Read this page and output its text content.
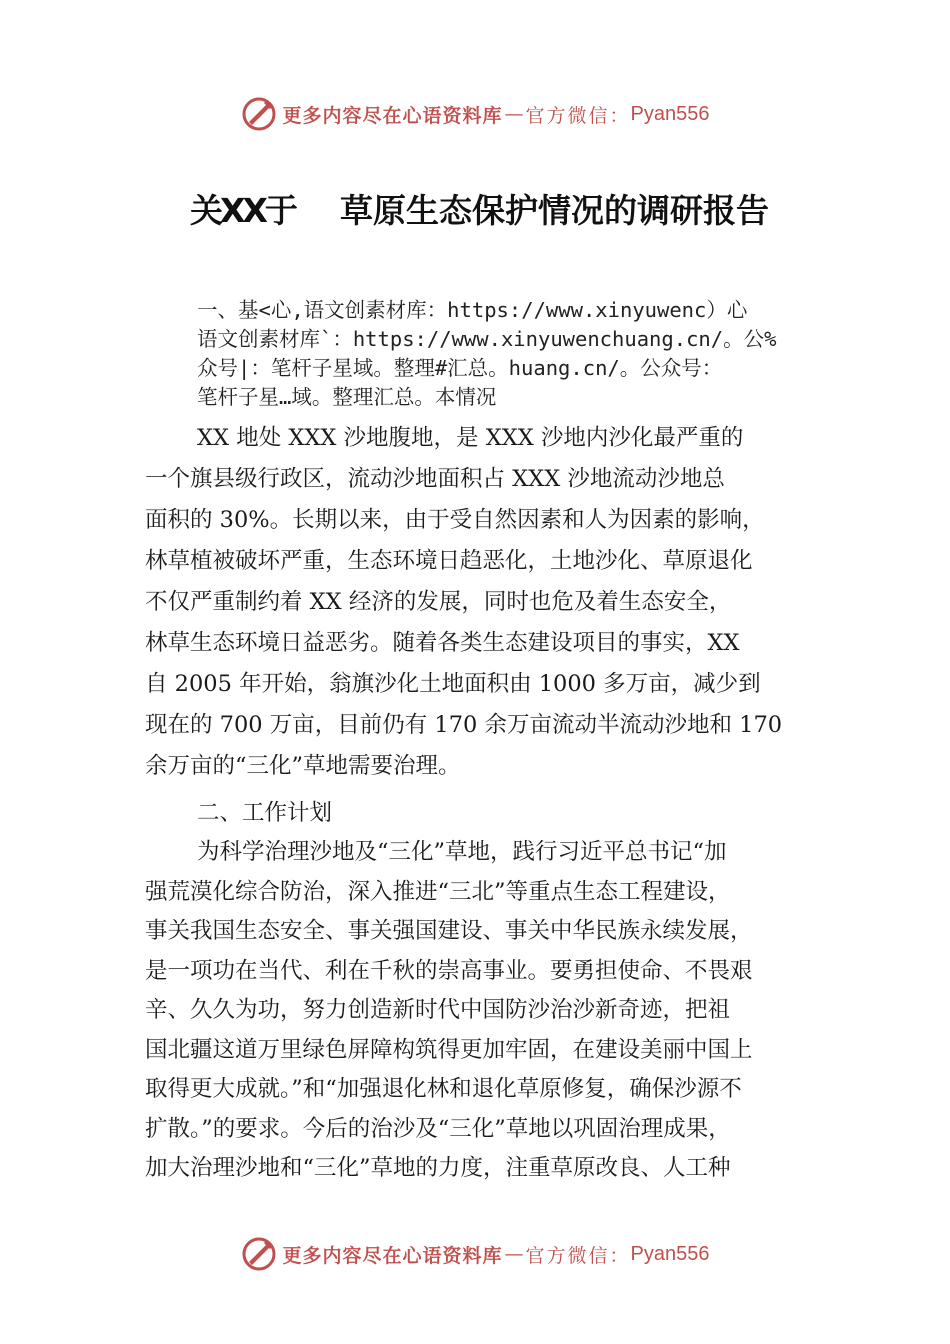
更多内容尽在心语资料库 — 官方微信： Pyan556
关XX于 草原生态保护情况的调研报告
一、基<心,语文创素材库：https://www.xinyuwenc）心
语文创素材库`：https://www.xinyuwenchuang.cn/。公%
众号|：笔杆子星域。整理#汇总。huang.cn/。公众号：
笔杆子星…域。整理汇总。本情况

XX 地处 XXX 沙地腹地，是 XXX 沙地内沙化最严重的
一个旗县级行政区，流动沙地面积占 XXX 沙地流动沙地总
面积的 30%。长期以来，由于受自然因素和人为因素的影响，
林草植被破坏严重，生态环境日趋恶化，土地沙化、草原退化
不仅严重制约着 XX 经济的发展，同时也危及着生态安全，
林草生态环境日益恶劣。随着各类生态建设项目的事实，XX
自 2005 年开始，翁旗沙化土地面积由 1000 多万亩，减少到
现在的 700 万亩，目前仍有 170 余万亩流动半流动沙地和 170
余万亩的“三化”草地需要治理。

二、工作计划

为科学治理沙地及“三化”草地，践行习近平总书记“加
强荒漠化综合防治，深入推进“三北”等重点生态工程建设，
事关我国生态安全、事关强国建设、事关中华民族永续发展，
是一项功在当代、利在千秋的崇高事业。要勇担使命、不畏艰
辛、久久为功，努力创造新时代中国防沙治沙新奇迹，把祖
国北疆这道万里绿色屏障构筑得更加牢固，在建设美丽中国上
取得更大成就。”和“加强退化林和退化草原修复，确保沙源不
扩散。”的要求。今后的治沙及“三化”草地以巩固治理成果，
加大治理沙地和“三化”草地的力度，注重草原改良、人工种

更多内容尽在心语资料库 — 官方微信： Pyan556
